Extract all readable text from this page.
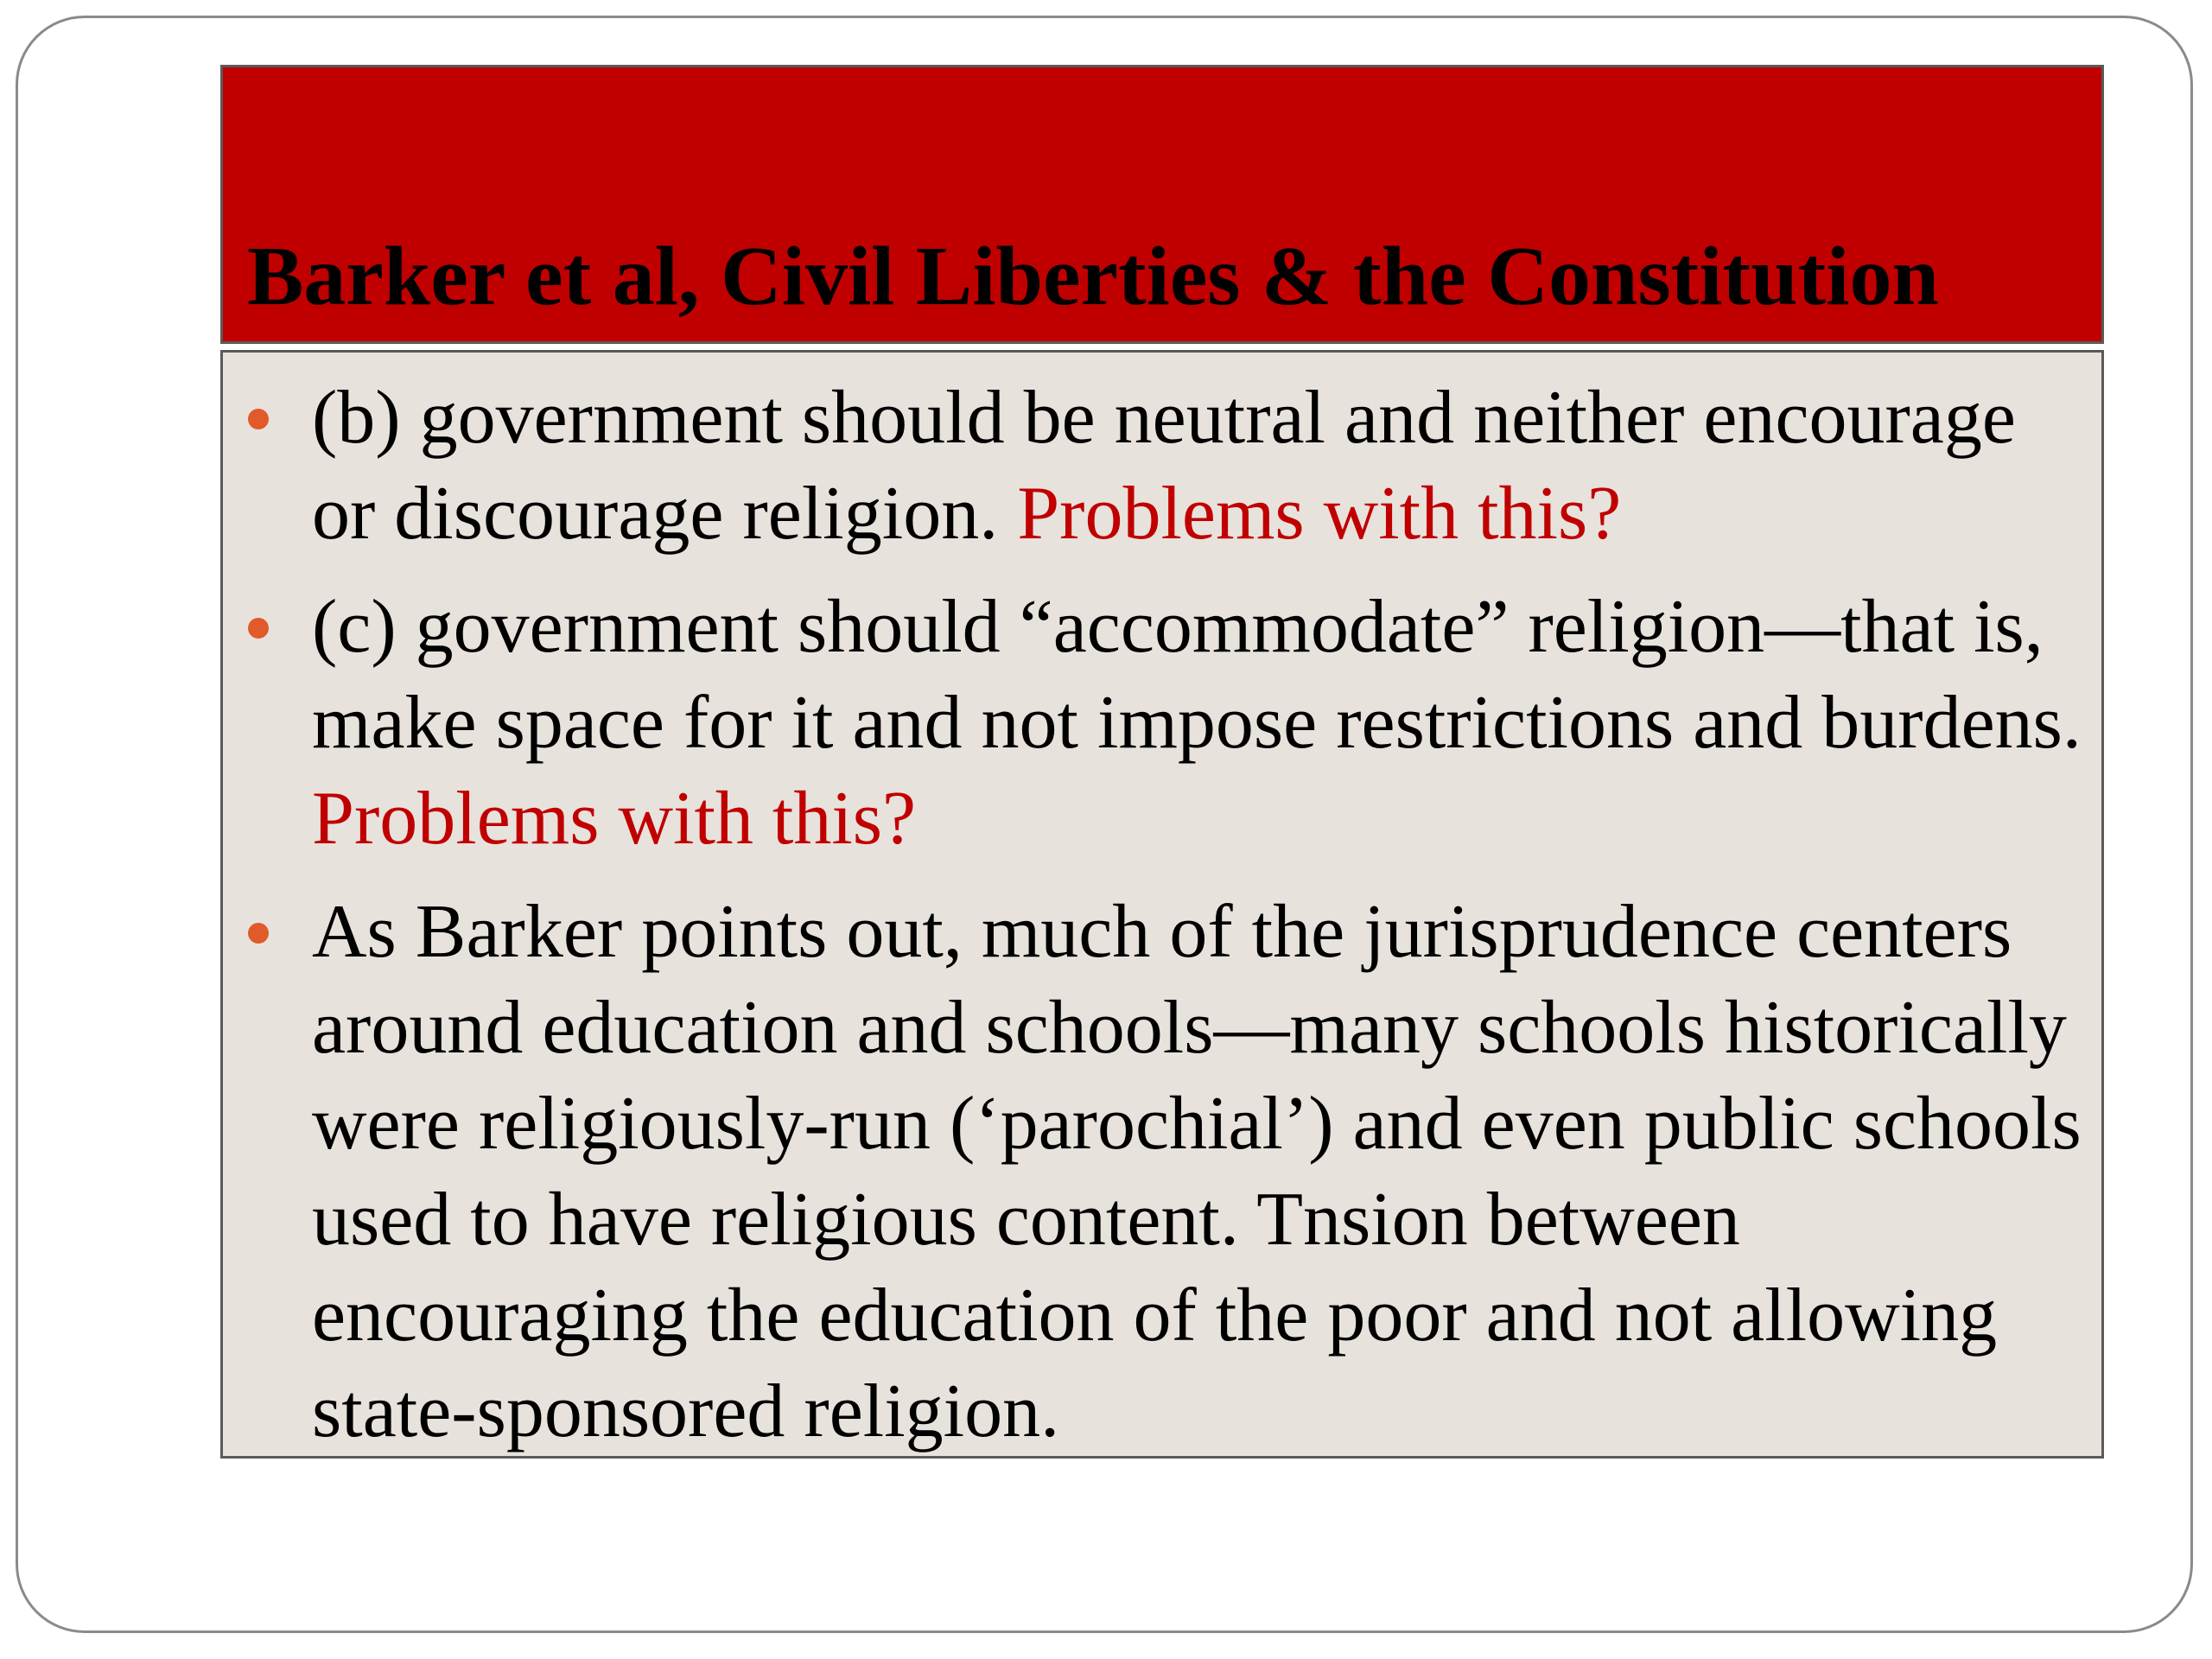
Barker et al, Civil Liberties & the Constitution
(b) government should be neutral and neither encourage or discourage religion. Problems with this?
(c) government should “accommodate” religion—that is, make space for it and not impose restrictions and burdens. Problems with this?
As Barker points out, much of the jurisprudence centers around education and schools—many schools historically were religiously-run (‘parochial’) and even public schools used to have religious content. Tnsion between encouraging the education of the poor and not allowing state-sponsored religion.
